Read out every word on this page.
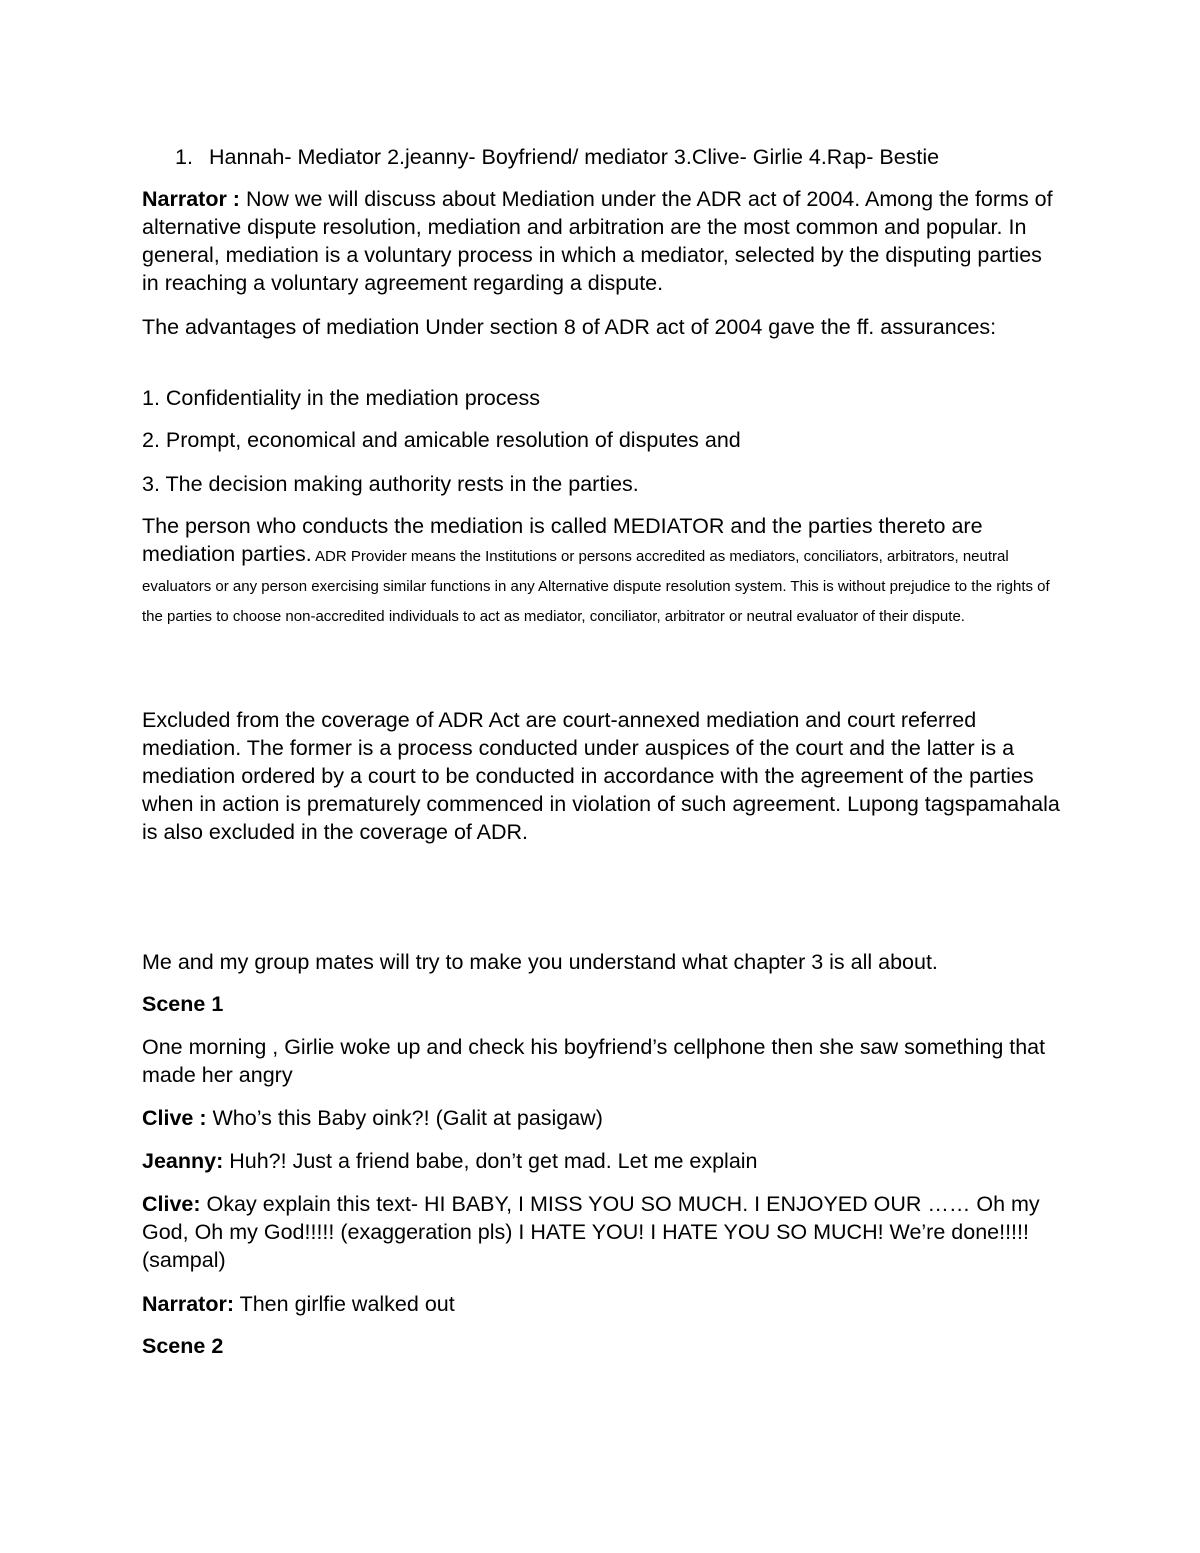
1. Hannah- Mediator 2.jeanny- Boyfriend/ mediator 3.Clive- Girlie 4.Rap- Bestie

Narrator : Now we will discuss about Mediation under the ADR act of 2004. Among the forms of alternative dispute resolution, mediation and arbitration are the most common and popular. In general, mediation is a voluntary process in which a mediator, selected by the disputing parties in reaching a voluntary agreement regarding a dispute.

The advantages of mediation Under section 8 of ADR act of 2004 gave the ff. assurances:

1. Confidentiality in the mediation process

2. Prompt, economical and amicable resolution of disputes and

3. The decision making authority rests in the parties.

The person who conducts the mediation is called MEDIATOR and the parties thereto are mediation parties. ADR Provider means the Institutions or persons accredited as mediators, conciliators, arbitrators, neutral evaluators or any person exercising similar functions in any Alternative dispute resolution system. This is without prejudice to the rights of the parties to choose non-accredited individuals to act as mediator, conciliator, arbitrator or neutral evaluator of their dispute.

Excluded from the coverage of ADR Act are court-annexed mediation and court referred mediation. The former is a process conducted under auspices of the court and the latter is a mediation ordered by a court to be conducted in accordance with the agreement of the parties when in action is prematurely commenced in violation of such agreement. Lupong tagspamahala is also excluded in the coverage of ADR.

Me and my group mates will try to make you understand what chapter 3 is all about.

Scene 1

One morning , Girlie woke up and check his boyfriend’s cellphone then she saw something that made her angry

Clive : Who’s this Baby oink?! (Galit at pasigaw)

Jeanny: Huh?! Just a friend babe, don’t get mad. Let me explain

Clive: Okay explain this text- HI BABY, I MISS YOU SO MUCH. I ENJOYED OUR …… Oh my God, Oh my God!!!!! (exaggeration pls) I HATE YOU! I HATE YOU SO MUCH! We’re done!!!!! (sampal)

Narrator: Then girlfie walked out

Scene 2
